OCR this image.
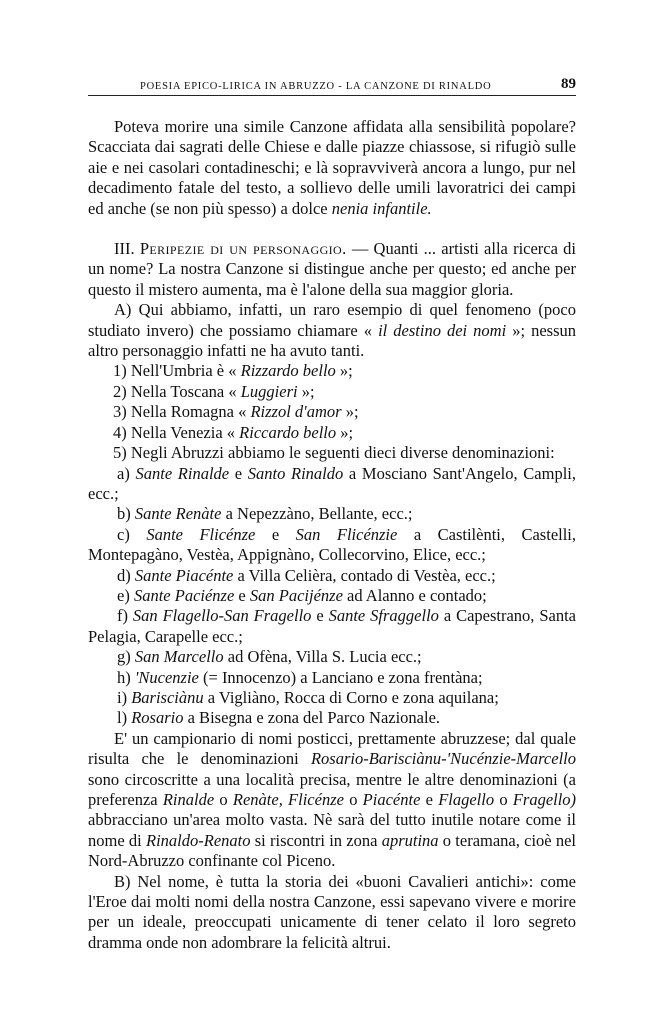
POESIA EPICO-LIRICA IN ABRUZZO - LA CANZONE DI RINALDO	89

Poteva morire una simile Canzone affidata alla sensibilità popolare? Scacciata dai sagrati delle Chiese e dalle piazze chiassose, si rifugiò sulle aie e nei casolari contadineschi; e là sopravviverà ancora a lungo, pur nel decadimento fatale del testo, a sollievo delle umili lavoratrici dei campi ed anche (se non più spesso) a dolce nenia infantile.

III. Peripezie di un personaggio. — Quanti ... artisti alla ricerca di un nome? La nostra Canzone si distingue anche per questo; ed anche per questo il mistero aumenta, ma è l'alone della sua maggior gloria.

A) Qui abbiamo, infatti, un raro esempio di quel fenomeno (poco studiato invero) che possiamo chiamare « il destino dei nomi »; nessun altro personaggio infatti ne ha avuto tanti.

1) Nell'Umbria è « Rizzardo bello »;

2) Nella Toscana « Luggieri »;

3) Nella Romagna « Rizzol d'amor »;

4) Nella Venezia « Riccardo bello »;

5) Negli Abruzzi abbiamo le seguenti dieci diverse denominazioni:

a) Sante Rinalde e Santo Rinaldo a Mosciano Sant'Angelo, Campli, ecc.;

b) Sante Renàte a Nepezzàno, Bellante, ecc.;

c) Sante Flicénze e San Flicénzie a Castilènti, Castelli, Montepagàno, Vestèa, Appignàno, Collecorvino, Elice, ecc.;

d) Sante Piacénte a Villa Celièra, contado di Vestèa, ecc.;

e) Sante Paciénze e San Pacijénze ad Alanno e contado;

f) San Flagello-San Fragello e Sante Sfraggello a Capestrano, Santa Pelagia, Carapelle ecc.;

g) San Marcello ad Ofèna, Villa S. Lucia ecc.;

h) 'Nucenzie (= Innocenzo) a Lanciano e zona frentàna;

i) Barisciànu a Vigliàno, Rocca di Corno e zona aquilana;

l) Rosario a Bisegna e zona del Parco Nazionale.

E' un campionario di nomi posticci, prettamente abruzzese; dal quale risulta che le denominazioni Rosario-Barisciànu-'Nucénzie-Marcello sono circoscritte a una località precisa, mentre le altre denominazioni (a preferenza Rinalde o Renàte, Flicénze o Piacénte e Flagello o Fragello) abbracciano un'area molto vasta. Nè sarà del tutto inutile notare come il nome di Rinaldo-Renato si riscontri in zona aprutina o teramana, cioè nel Nord-Abruzzo confinante col Piceno.

B) Nel nome, è tutta la storia dei «buoni Cavalieri antichi»: come l'Eroe dai molti nomi della nostra Canzone, essi sapevano vivere e morire per un ideale, preoccupati unicamente di tener celato il loro segreto dramma onde non adombrare la felicità altrui.
